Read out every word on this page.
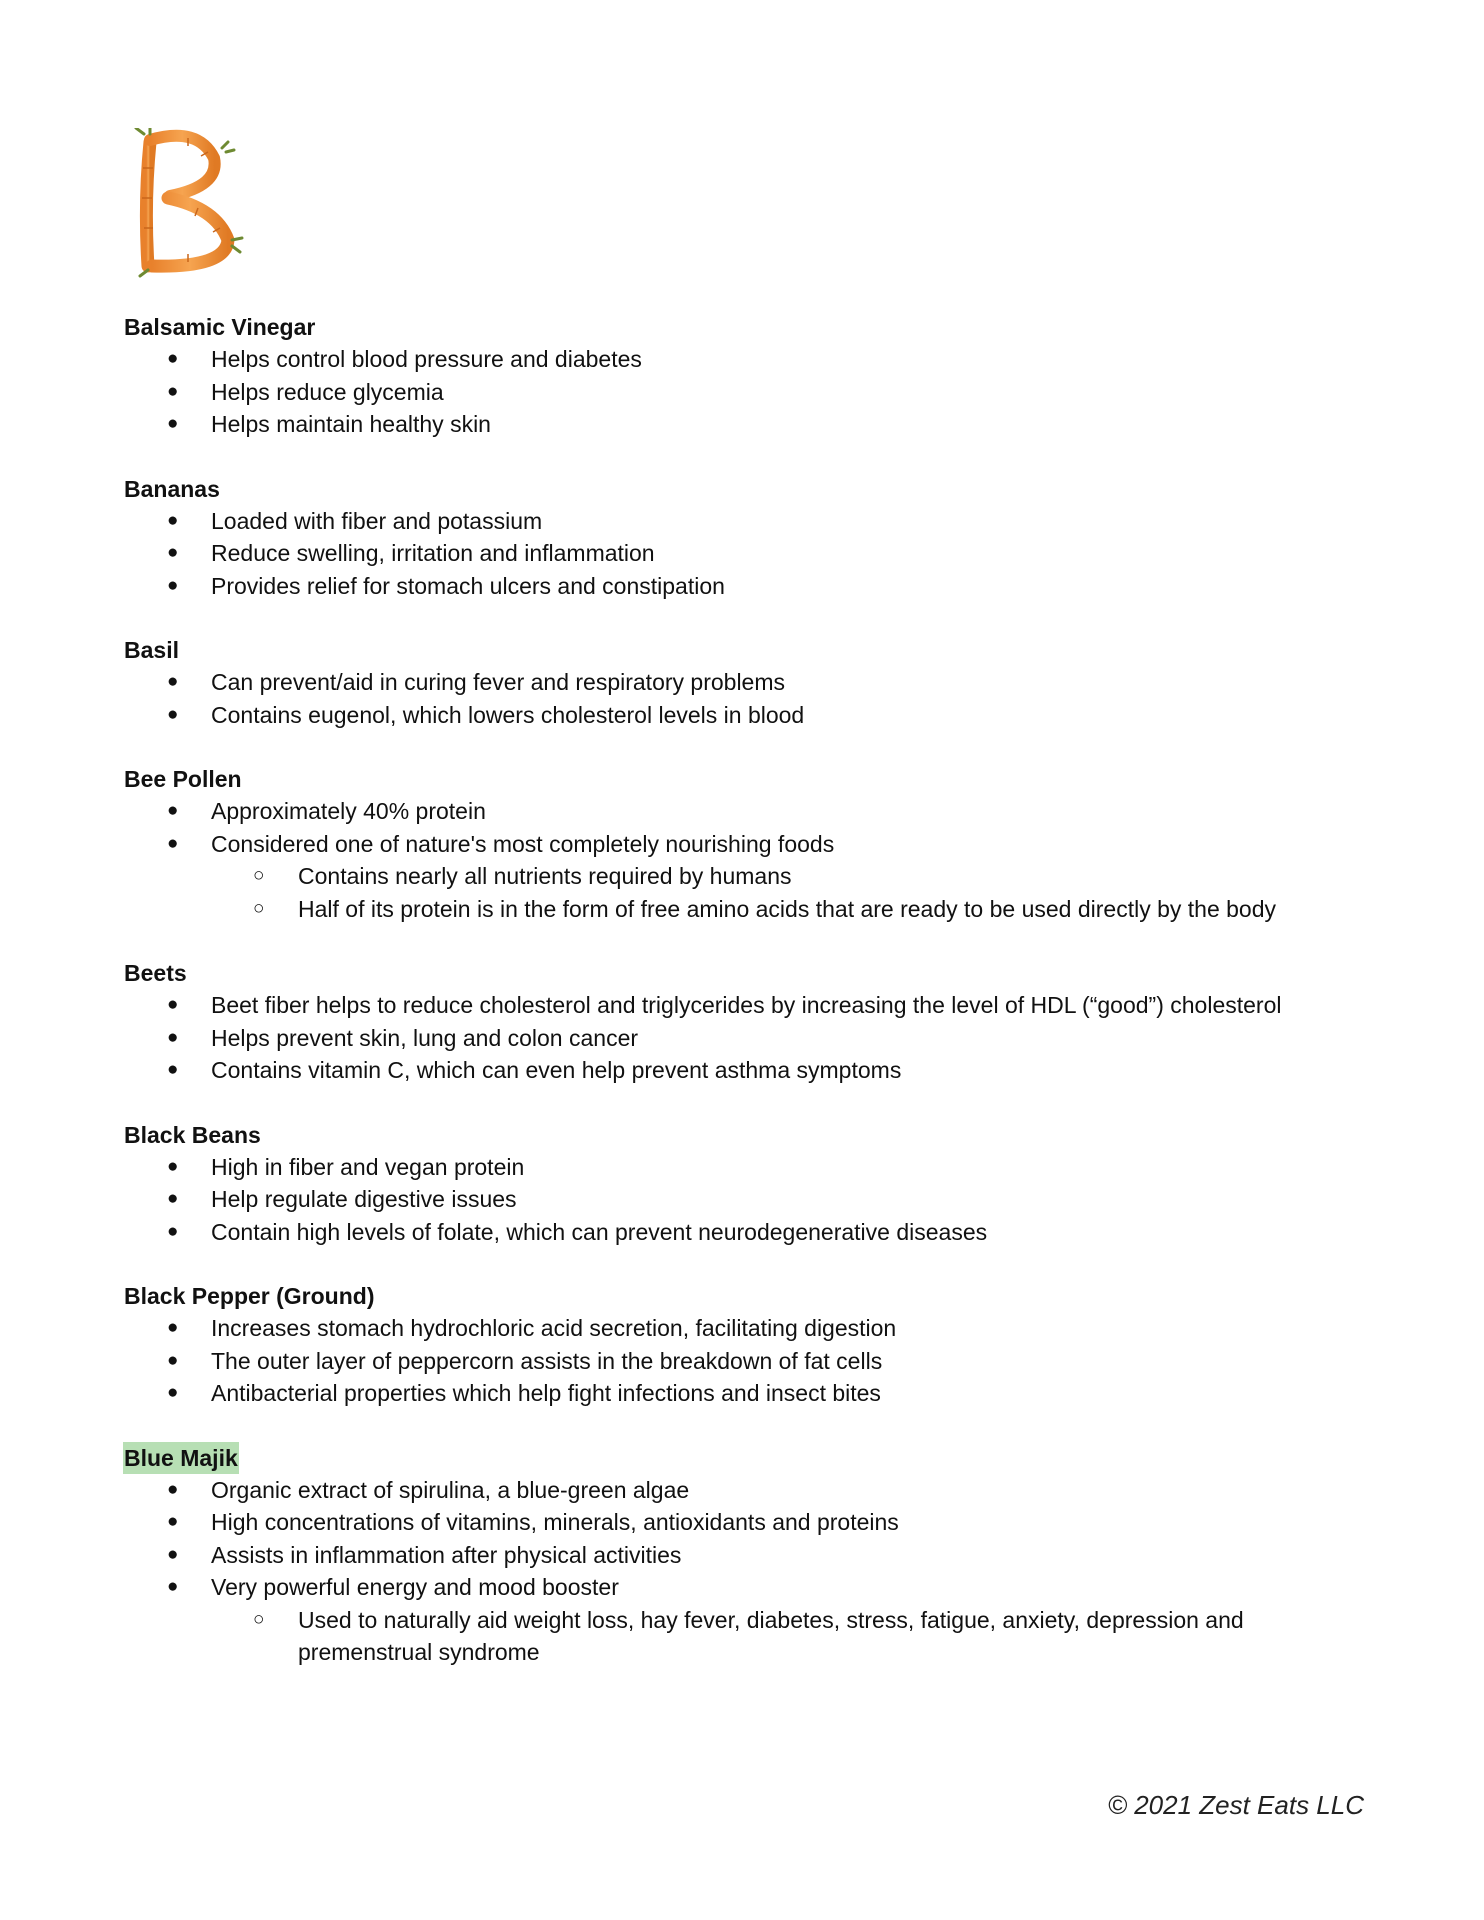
Balsamic Vinegar
● Helps control blood pressure and diabetes
● Helps reduce glycemia
● Helps maintain healthy skin
Bananas
● Loaded with fiber and potassium
● Reduce swelling, irritation and inflammation
● Provides relief for stomach ulcers and constipation
Basil
● Can prevent/aid in curing fever and respiratory problems
● Contains eugenol, which lowers cholesterol levels in blood
Bee Pollen
● Approximately 40% protein
● Considered one of nature's most completely nourishing foods
○ Contains nearly all nutrients required by humans
○ Half of its protein is in the form of free amino acids that are ready to be used directly by the body
Beets
● Beet fiber helps to reduce cholesterol and triglycerides by increasing the level of HDL (“good”) cholesterol
● Helps prevent skin, lung and colon cancer
● Contains vitamin C, which can even help prevent asthma symptoms
Black Beans
● High in fiber and vegan protein
● Help regulate digestive issues
● Contain high levels of folate, which can prevent neurodegenerative diseases
Black Pepper (Ground)
● Increases stomach hydrochloric acid secretion, facilitating digestion
● The outer layer of peppercorn assists in the breakdown of fat cells
● Antibacterial properties which help fight infections and insect bites
Blue Majik
● Organic extract of spirulina, a blue-green algae
● High concentrations of vitamins, minerals, antioxidants and proteins
● Assists in inflammation after physical activities
● Very powerful energy and mood booster
○ Used to naturally aid weight loss, hay fever, diabetes, stress, fatigue, anxiety, depression and premenstrual syndrome
© 2021 Zest Eats LLC
